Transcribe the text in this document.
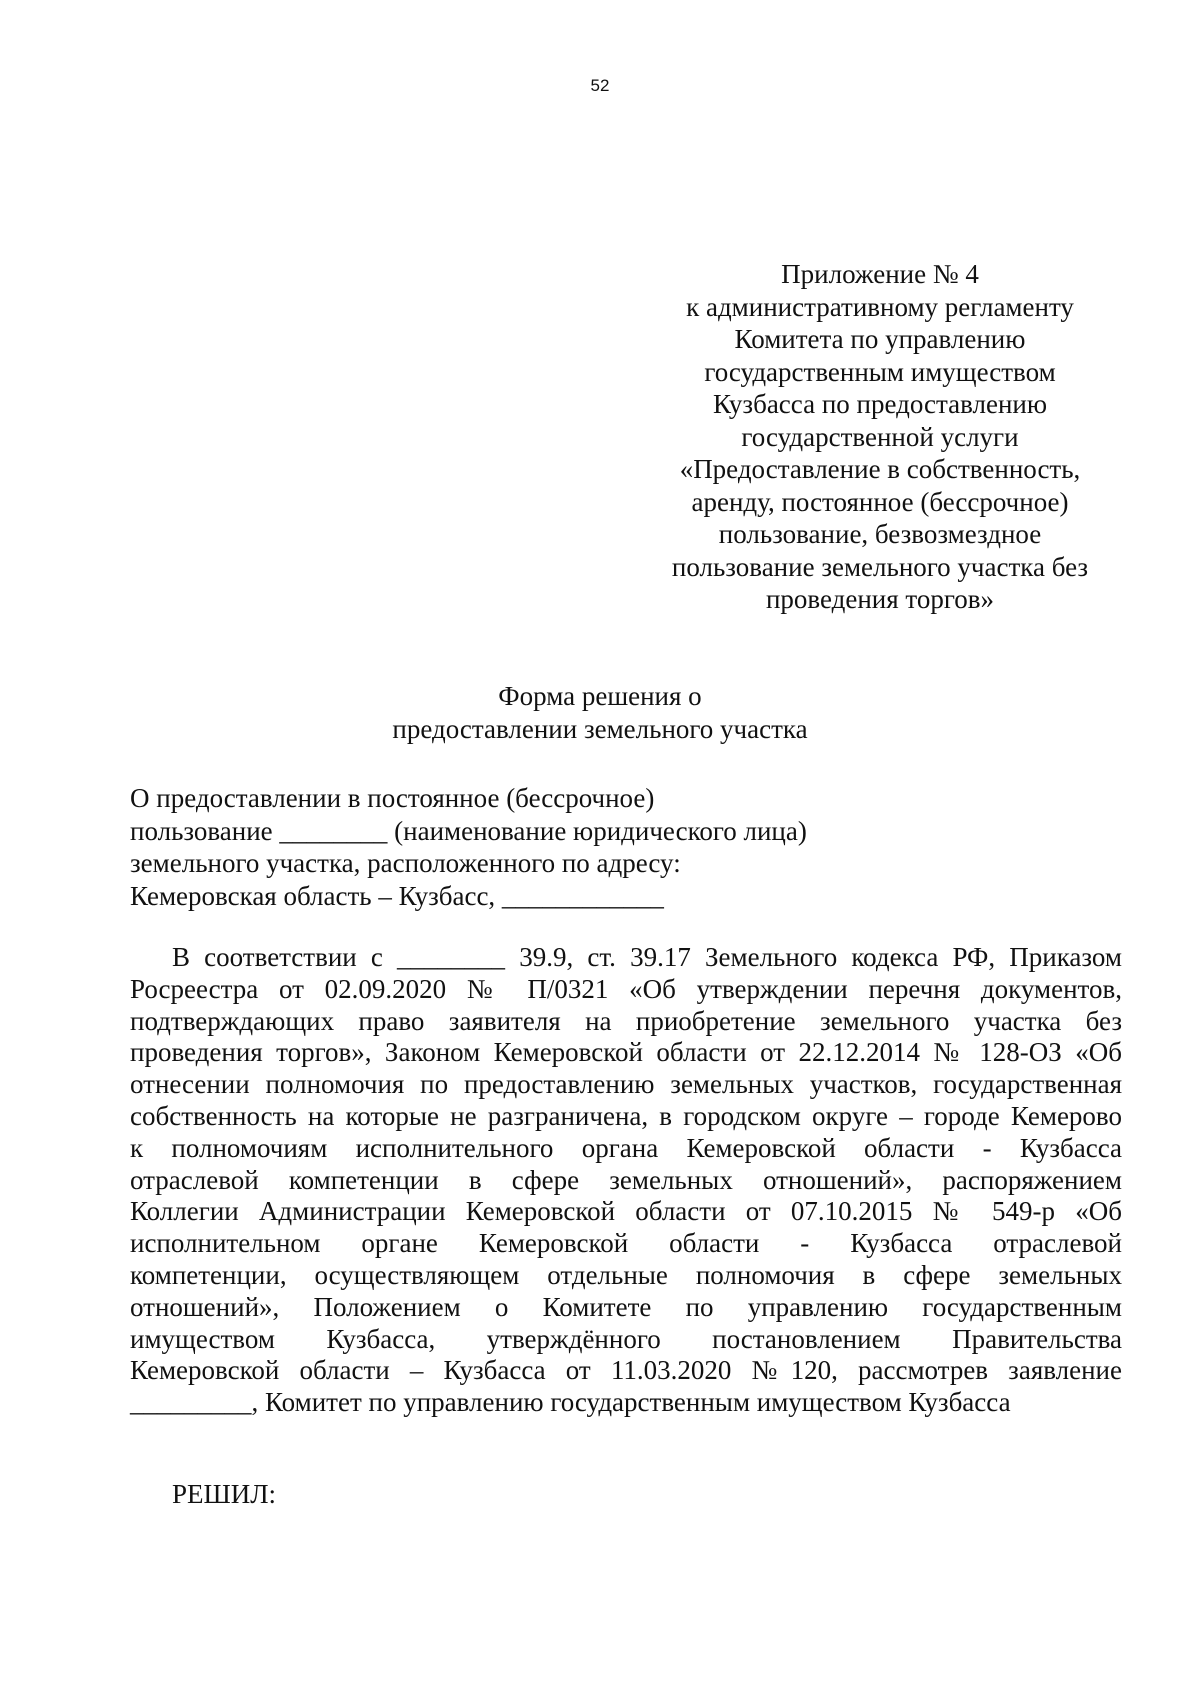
52
Приложение № 4
к административному регламенту
Комитета по управлению
государственным имуществом
Кузбасса по предоставлению
государственной услуги
«Предоставление в собственность,
аренду, постоянное (бессрочное)
пользование, безвозмездное
пользование земельного участка без
проведения торгов»
Форма решения о
предоставлении земельного участка
О предоставлении в постоянное (бессрочное)
пользование ________ (наименование юридического лица)
земельного участка, расположенного по адресу:
Кемеровская область – Кузбасс, ____________
В соответствии с ________ 39.9, ст. 39.17 Земельного кодекса РФ, Приказом
Росреестра от 02.09.2020 № П/0321 «Об утверждении перечня документов,
подтверждающих право заявителя на приобретение земельного участка без
проведения торгов», Законом Кемеровской области от 22.12.2014 № 128-ОЗ «Об
отнесении полномочия по предоставлению земельных участков, государственная
собственность на которые не разграничена, в городском округе – городе Кемерово
к полномочиям исполнительного органа Кемеровской области - Кузбасса
отраслевой компетенции в сфере земельных отношений», распоряжением
Коллегии Администрации Кемеровской области от 07.10.2015 № 549-р «Об
исполнительном органе Кемеровской области - Кузбасса отраслевой
компетенции, осуществляющем отдельные полномочия в сфере земельных
отношений», Положением о Комитете по управлению государственным
имуществом Кузбасса, утверждённого постановлением Правительства
Кемеровской области – Кузбасса от 11.03.2020 №120, рассмотрев заявление
_________, Комитет по управлению государственным имуществом Кузбасса
РЕШИЛ:
